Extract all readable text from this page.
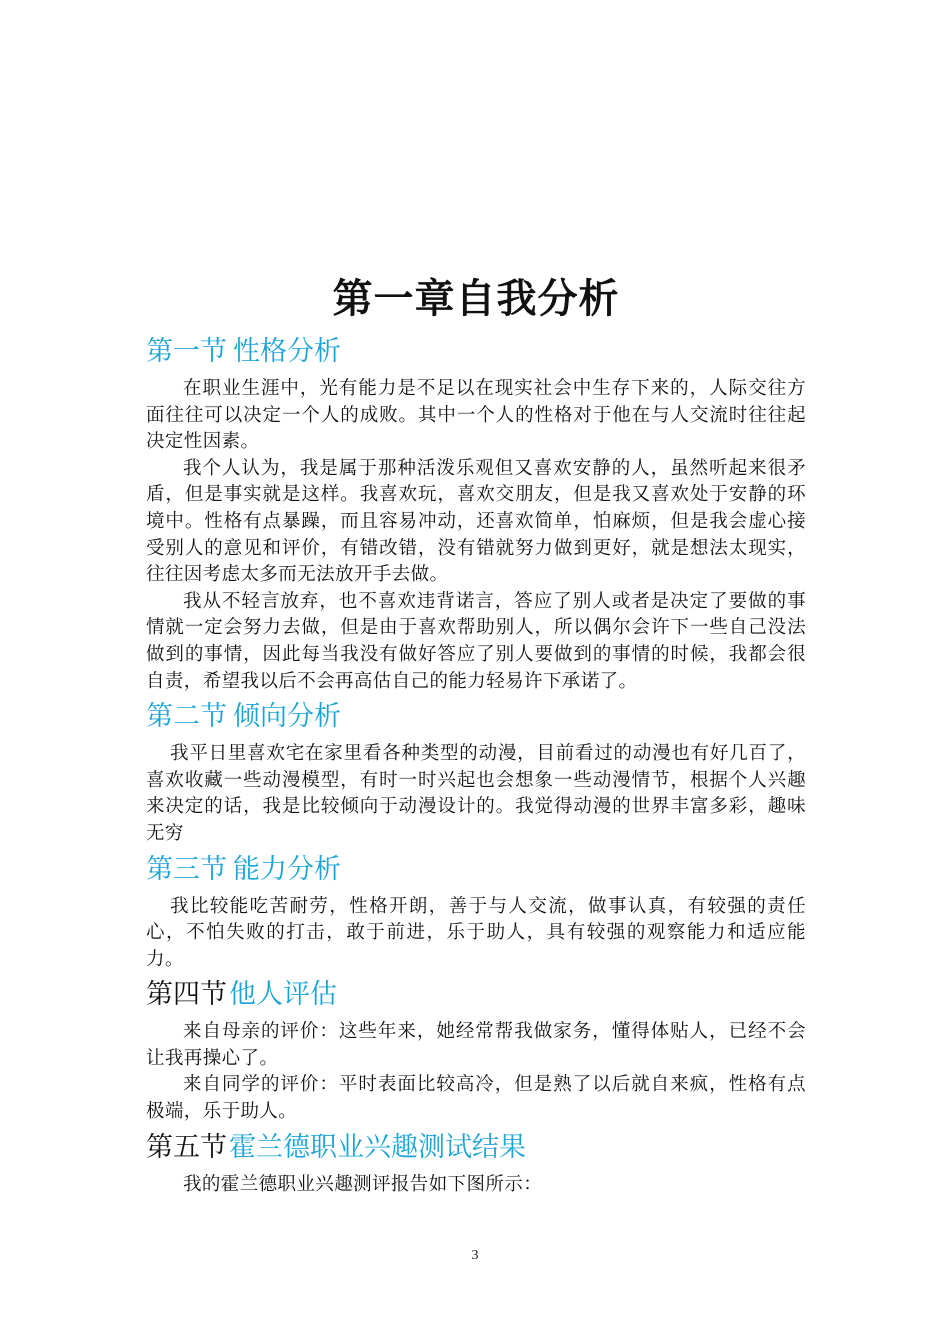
第一章自我分析
第一节 性格分析

在职业生涯中，光有能力是不足以在现实社会中生存下来的，人际交往方面往往可以决定一个人的成败。其中一个人的性格对于他在与人交流时往往起决定性因素。

我个人认为，我是属于那种活泼乐观但又喜欢安静的人，虽然听起来很矛盾，但是事实就是这样。我喜欢玩，喜欢交朋友，但是我又喜欢处于安静的环境中。性格有点暴躁，而且容易冲动，还喜欢简单，怕麻烦，但是我会虚心接受别人的意见和评价，有错改错，没有错就努力做到更好，就是想法太现实，往往因考虑太多而无法放开手去做。

我从不轻言放弃，也不喜欢违背诺言，答应了别人或者是决定了要做的事情就一定会努力去做，但是由于喜欢帮助别人，所以偶尔会许下一些自己没法做到的事情，因此每当我没有做好答应了别人要做到的事情的时候，我都会很自责，希望我以后不会再高估自己的能力轻易许下承诺了。

第二节 倾向分析

我平日里喜欢宅在家里看各种类型的动漫，目前看过的动漫也有好几百了，喜欢收藏一些动漫模型，有时一时兴起也会想象一些动漫情节，根据个人兴趣来决定的话，我是比较倾向于动漫设计的。我觉得动漫的世界丰富多彩，趣味无穷

第三节 能力分析

我比较能吃苦耐劳，性格开朗，善于与人交流，做事认真，有较强的责任心，不怕失败的打击，敢于前进，乐于助人，具有较强的观察能力和适应能力。

第四节他人评估

来自母亲的评价：这些年来，她经常帮我做家务，懂得体贴人，已经不会让我再操心了。

来自同学的评价：平时表面比较高冷，但是熟了以后就自来疯，性格有点极端，乐于助人。

第五节霍兰德职业兴趣测试结果

我的霍兰德职业兴趣测评报告如下图所示：

3
